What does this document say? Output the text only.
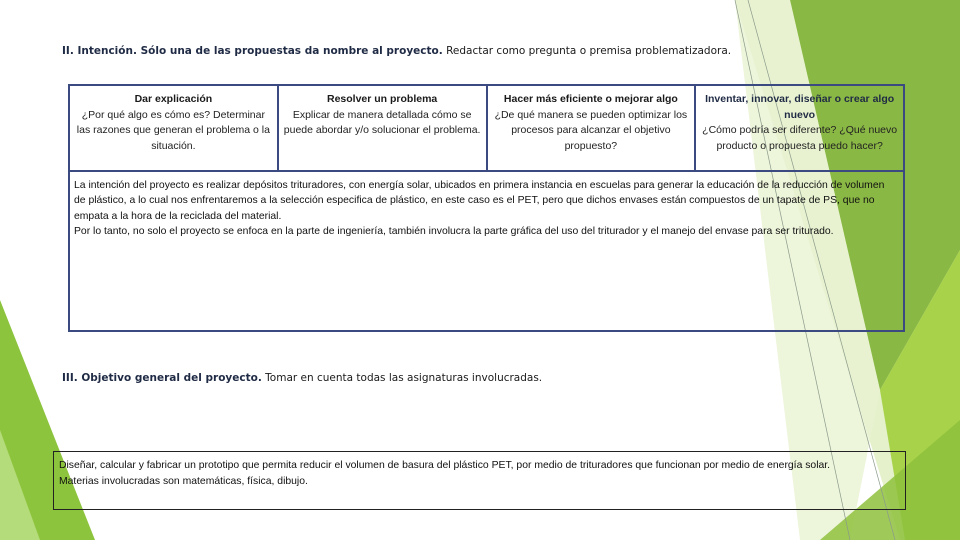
II. Intención. Sólo una de las propuestas da nombre al proyecto. Redactar como pregunta o premisa problematizadora.
Dar explicación
¿Por qué algo es cómo es? Determinar las razones que generan el problema o la situación.
Resolver un problema
Explicar de manera detallada cómo se puede abordar y/o solucionar el problema.
Hacer más eficiente o mejorar algo
¿De qué manera se pueden optimizar los procesos para alcanzar el objetivo propuesto?
Inventar, innovar, diseñar o crear algo nuevo
¿Cómo podría ser diferente? ¿Qué nuevo producto o propuesta puedo hacer?

La intención del proyecto es realizar depósitos trituradores, con energía solar, ubicados en primera instancia en escuelas para generar la educación de la reducción de volumen de plástico, a lo cual nos enfrentaremos a la selección especifica de plástico, en este caso es el PET, pero que dichos envases están compuestos de un tapate de PS, que no empata a la hora de la reciclada del material.

Por lo tanto, no solo el proyecto se enfoca en la parte de ingeniería, también involucra la parte gráfica del uso del triturador y el manejo del envase para ser triturado.

III. Objetivo general del proyecto. Tomar en cuenta todas las asignaturas involucradas.

Diseñar, calcular y fabricar un prototipo que permita reducir el volumen de basura del plástico PET, por medio de trituradores que funcionan por medio de energía solar.

Materias involucradas son matemáticas, física, dibujo.
